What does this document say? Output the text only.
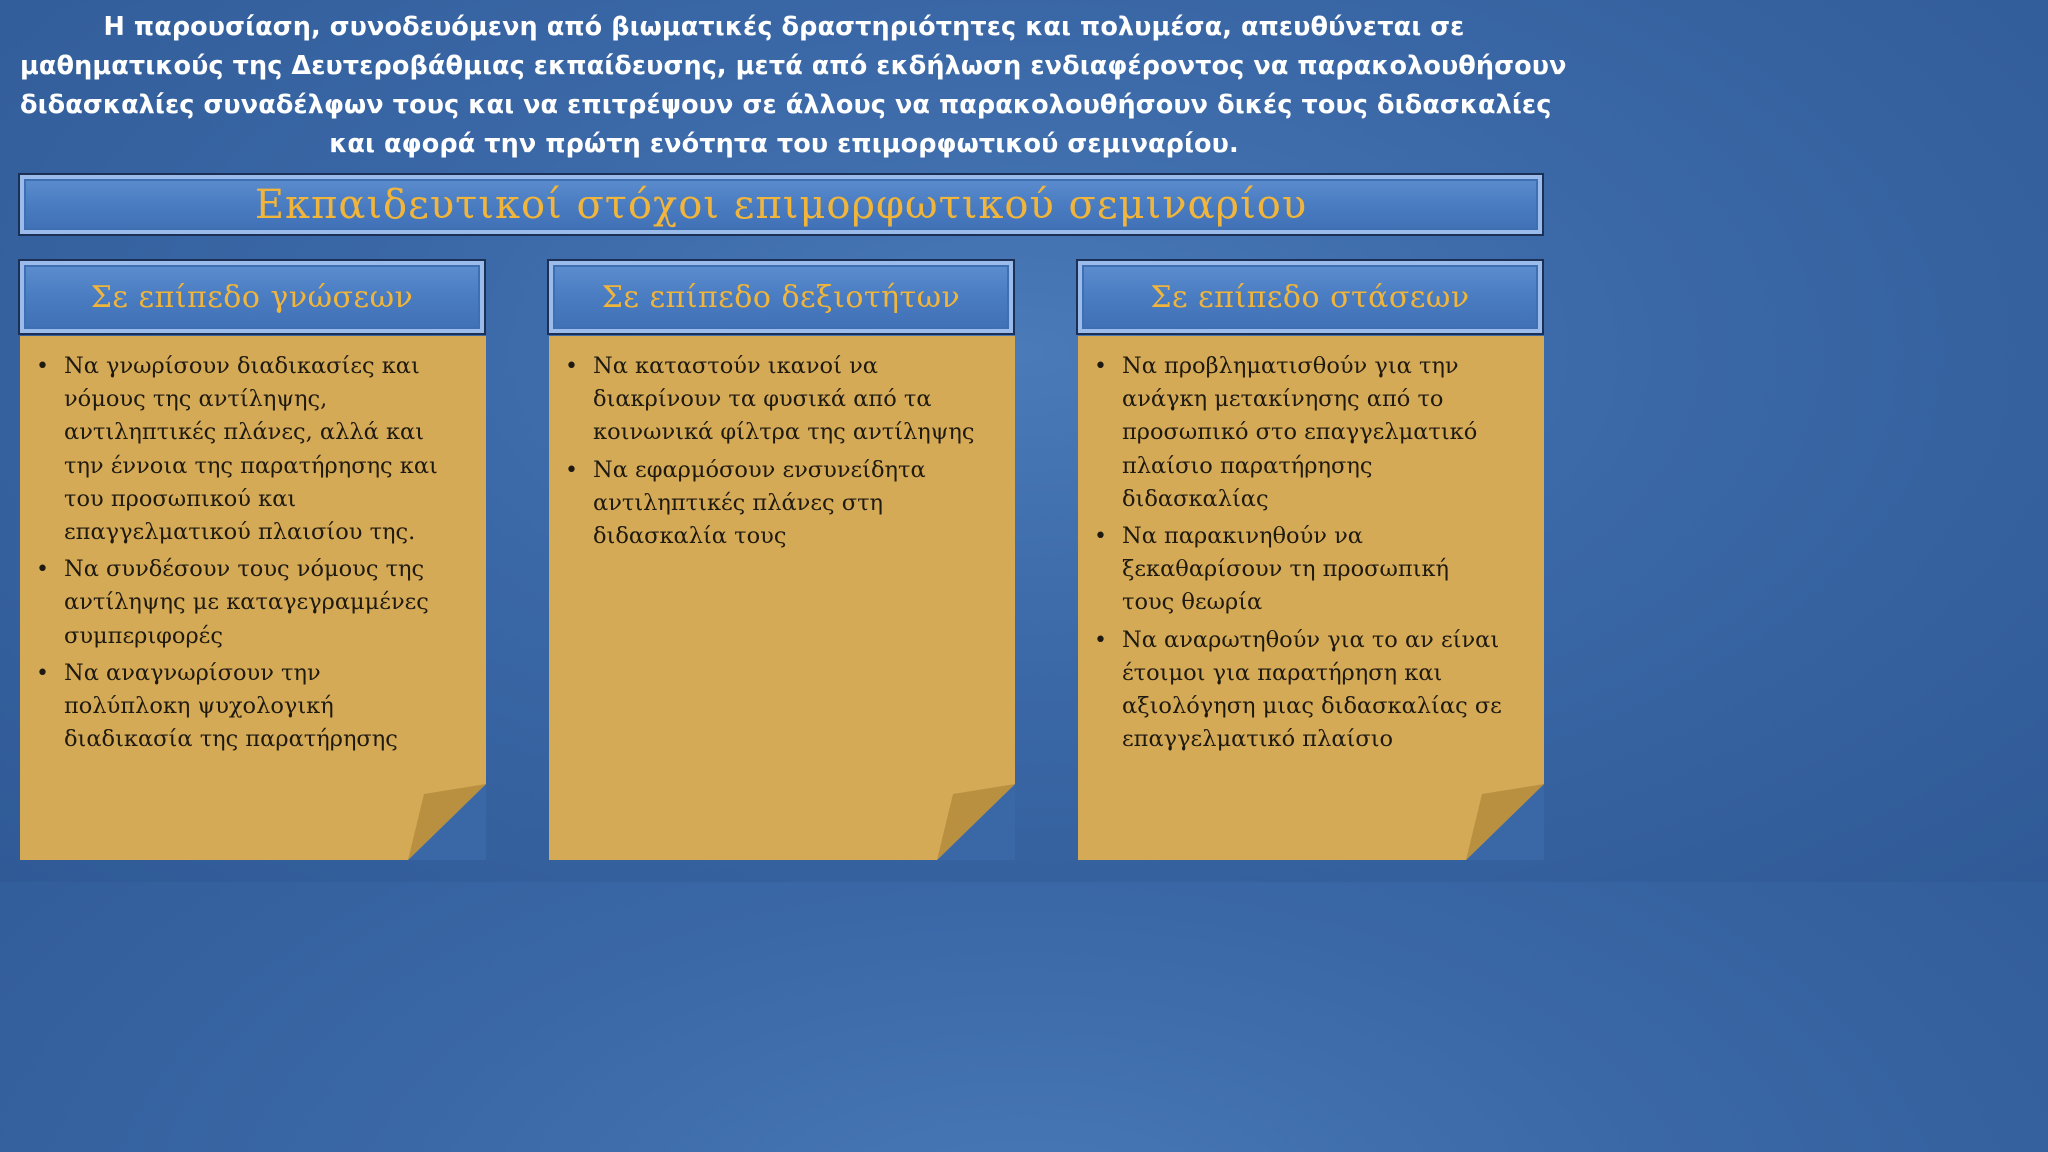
Η παρουσίαση, συνοδευόμενη από βιωματικές δραστηριότητες και πολυμέσα, απευθύνεται σε
μαθηματικούς της Δευτεροβάθμιας εκπαίδευσης, μετά από εκδήλωση ενδιαφέροντος να παρακολουθήσουν
διδασκαλίες συναδέλφων τους και να επιτρέψουν σε άλλους να παρακολουθήσουν δικές τους διδασκαλίες
και αφορά την πρώτη ενότητα του επιμορφωτικού σεμιναρίου.
Εκπαιδευτικοί στόχοι επιμορφωτικού σεμιναρίου
Σε επίπεδο γνώσεων
• Να γνωρίσουν διαδικασίες και
νόμους της αντίληψης,
αντιληπτικές πλάνες, αλλά και
την έννοια της παρατήρησης και
του προσωπικού και
επαγγελματικού πλαισίου της.
• Να συνδέσουν τους νόμους της
αντίληψης με καταγεγραμμένες
συμπεριφορές
• Να αναγνωρίσουν την
πολύπλοκη ψυχολογική
διαδικασία της παρατήρησης
Σε επίπεδο δεξιοτήτων
• Να καταστούν ικανοί να
διακρίνουν τα φυσικά από τα
κοινωνικά φίλτρα της αντίληψης
• Να εφαρμόσουν ενσυνείδητα
αντιληπτικές πλάνες στη
διδασκαλία τους
Σε επίπεδο στάσεων
• Να προβληματισθούν για την
ανάγκη μετακίνησης από το
προσωπικό στο επαγγελματικό
πλαίσιο παρατήρησης
διδασκαλίας
• Να παρακινηθούν να
ξεκαθαρίσουν τη προσωπική
τους θεωρία
• Να αναρωτηθούν για το αν είναι
έτοιμοι για παρατήρηση και
αξιολόγηση μιας διδασκαλίας σε
επαγγελματικό πλαίσιο
